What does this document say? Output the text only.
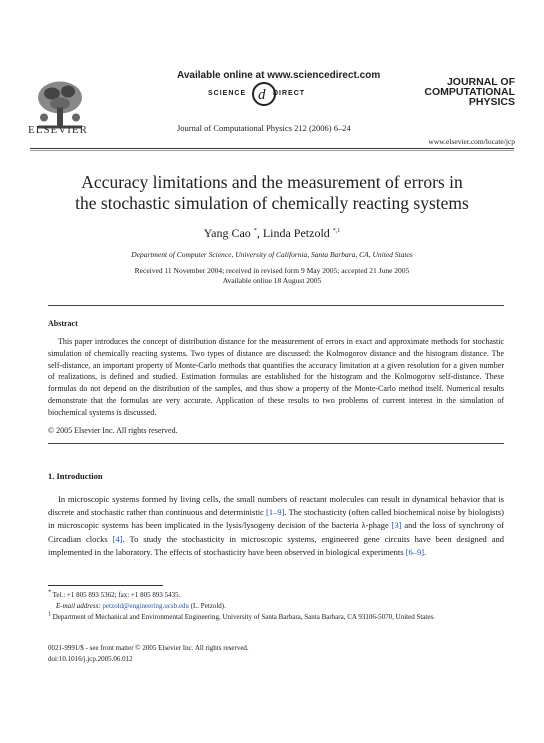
ELSEVIER
Available online at www.sciencedirect.com
d
SCIENCE	DIRECT
Journal of Computational Physics 212 (2006) 6–24
JOURNAL OF
COMPUTATIONAL
PHYSICS
www.elsevier.com/locate/jcp
Accuracy limitations and the measurement of errors in
the stochastic simulation of chemically reacting systems
Yang Cao *, Linda Petzold $^{*,1}$
Department of Computer Science, University of California, Santa Barbara, CA, United States
Received 11 November 2004; received in revised form 9 May 2005; accepted 21 June 2005
Available online 18 August 2005
Abstract
This paper introduces the concept of distribution distance for the measurement of errors in exact and approximate methods for stochastic simulation of chemically reacting systems. Two types of distance are discussed: the Kolmogorov distance and the histogram distance. The self-distance, an important property of Monte-Carlo methods that quantifies the accuracy limitation at a given resolution for a given number of realizations, is defined and studied. Estimation formulas are established for the histogram and the Kolmogorov self-distance. These formulas do not depend on the distribution of the samples, and thus show a property of the Monte-Carlo method itself. Numerical results demonstrate that the formulas are very accurate. Application of these results to two problems of current interest in the simulation of biochemical systems is discussed.
© 2005 Elsevier Inc. All rights reserved.
1. Introduction
In microscopic systems formed by living cells, the small numbers of reactant molecules can result in dynamical behavior that is discrete and stochastic rather than continuous and deterministic [1–9]. The stochasticity (often called biochemical noise by biologists) in microscopic systems has been implicated in the lysis/lysogeny decision of the bacteria λ-phage [3] and the loss of synchrony of Circadian clocks [4]. To study the stochasticity in microscopic systems, engineered gene circuits have been designed and implemented in the laboratory. The effects of stochasticity have been observed in biological experiments [6–9].
* Tel.: +1 805 893 5362; fax: +1 805 893 5435.
E-mail address: petzold@engineering.ucsb.edu (L. Petzold).
1 Department of Mechanical and Environmental Engineering, University of Santa Barbara, Santa Barbara, CA 93106-5070, United States.
0021-9991/$ - see front matter © 2005 Elsevier Inc. All rights reserved.
doi:10.1016/j.jcp.2005.06.012
